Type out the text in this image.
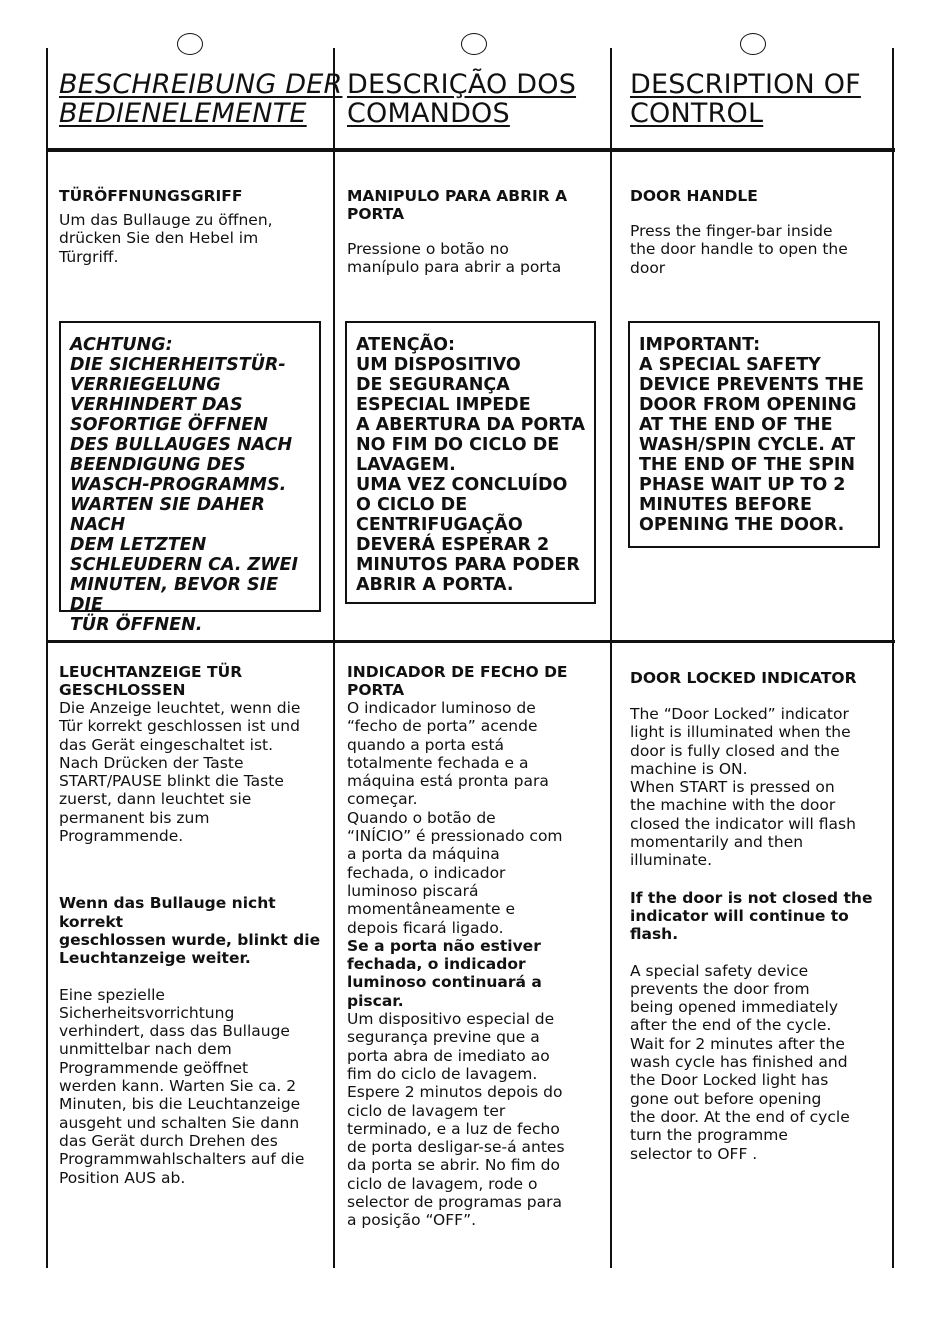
BESCHREIBUNG DER
BEDIENELEMENTE

TÜRÖFFNUNGSGRIFF

Um das Bullauge zu öffnen,
drücken Sie den Hebel im
Türgriff.

ACHTUNG:
DIE SICHERHEITSTÜR-
VERRIEGELUNG
VERHINDERT DAS
SOFORTIGE ÖFFNEN
DES BULLAUGES NACH
BEENDIGUNG DES
WASCH-PROGRAMMS.
WARTEN SIE DAHER NACH
DEM LETZTEN
SCHLEUDERN CA. ZWEI
MINUTEN, BEVOR SIE DIE
TÜR ÖFFNEN.

LEUCHTANZEIGE TÜR
GESCHLOSSEN

Die Anzeige leuchtet, wenn die
Tür korrekt geschlossen ist und
das Gerät eingeschaltet ist.
Nach Drücken der Taste
START/PAUSE blinkt die Taste
zuerst, dann leuchtet sie
permanent bis zum
Programmende.

Wenn das Bullauge nicht korrekt
geschlossen wurde, blinkt die
Leuchtanzeige weiter.

Eine spezielle
Sicherheitsvorrichtung
verhindert, dass das Bullauge
unmittelbar nach dem
Programmende geöffnet
werden kann. Warten Sie ca. 2
Minuten, bis die Leuchtanzeige
ausgeht und schalten Sie dann
das Gerät durch Drehen des
Programmwahlschalters auf die
Position AUS ab.

DESCRIÇÃO DOS
COMANDOS

MANIPULO PARA ABRIR A
PORTA

Pressione o botão no
manípulo para abrir a porta

ATENÇÃO:
UM DISPOSITIVO
DE SEGURANÇA
ESPECIAL IMPEDE
A ABERTURA DA PORTA
NO FIM DO CICLO DE
LAVAGEM.
UMA VEZ CONCLUÍDO
O CICLO DE
CENTRIFUGAÇÃO
DEVERÁ ESPERAR 2
MINUTOS PARA PODER
ABRIR A PORTA.

INDICADOR DE FECHO DE
PORTA

O indicador luminoso de
“fecho de porta” acende
quando a porta está
totalmente fechada e a
máquina está pronta para
começar.
Quando o botão de
“INÍCIO” é pressionado com
a porta da máquina
fechada, o indicador
luminoso piscará
momentâneamente e
depois ficará ligado.

Se a porta não estiver
fechada, o indicador
luminoso continuará a
piscar.

Um dispositivo especial de
segurança previne que a
porta abra de imediato ao
fim do ciclo de lavagem.
Espere 2 minutos depois do
ciclo de lavagem ter
terminado, e a luz de fecho
de porta desligar-se-á antes
da porta se abrir. No fim do
ciclo de lavagem, rode o
selector de programas para
a posição “OFF”.

DESCRIPTION OF
CONTROL

DOOR HANDLE

Press the finger-bar inside
the door handle to open the
door

IMPORTANT:
A SPECIAL SAFETY
DEVICE PREVENTS THE
DOOR FROM OPENING
AT THE END OF THE
WASH/SPIN CYCLE. AT
THE END OF THE SPIN
PHASE WAIT UP TO 2
MINUTES BEFORE
OPENING THE DOOR.

DOOR LOCKED INDICATOR

The “Door Locked” indicator
light is illuminated when the
door is fully closed and the
machine is ON.
When START is pressed on
the machine with the door
closed the indicator will flash
momentarily and then
illuminate.

If the door is not closed the
indicator will continue to
flash.

A special safety device
prevents the door from
being opened immediately
after the end of the cycle.
Wait for 2 minutes after the
wash cycle has finished and
the Door Locked light has
gone out before opening
the door. At the end of cycle
turn the programme
selector to OFF .
